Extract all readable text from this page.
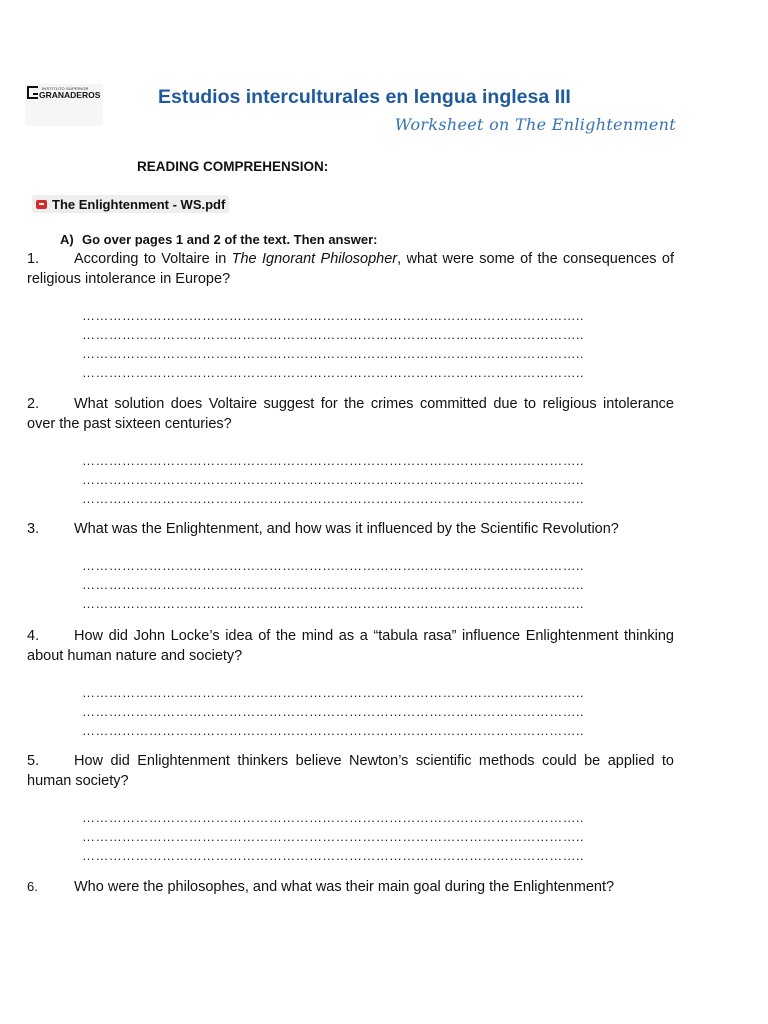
INSTITUTO SUPERIOR
GRANADEROS	Estudios interculturales en lengua inglesa III
Worksheet on The Enlightenment
READING COMPREHENSION:
The Enlightenment - WS.pdf
A) Go over pages 1 and 2 of the text. Then answer:

1. According to Voltaire in The Ignorant Philosopher, what were some of the consequences of religious intolerance in Europe?

…………………………………………………………………………………………………..
…………………………………………………………………………………………………..
…………………………………………………………………………………………………..
…………………………………………………………………………………………………..

2. What solution does Voltaire suggest for the crimes committed due to religious intolerance over the past sixteen centuries?

…………………………………………………………………………………………………..
…………………………………………………………………………………………………..
…………………………………………………………………………………………………..

3. What was the Enlightenment, and how was it influenced by the Scientific Revolution?

…………………………………………………………………………………………………..
…………………………………………………………………………………………………..
…………………………………………………………………………………………………..

4. How did John Locke’s idea of the mind as a “tabula rasa” influence Enlightenment thinking about human nature and society?

…………………………………………………………………………………………………..
…………………………………………………………………………………………………..
…………………………………………………………………………………………………..

5. How did Enlightenment thinkers believe Newton’s scientific methods could be applied to human society?

…………………………………………………………………………………………………..
…………………………………………………………………………………………………..
…………………………………………………………………………………………………..

6. Who were the philosophes, and what was their main goal during the Enlightenment?
